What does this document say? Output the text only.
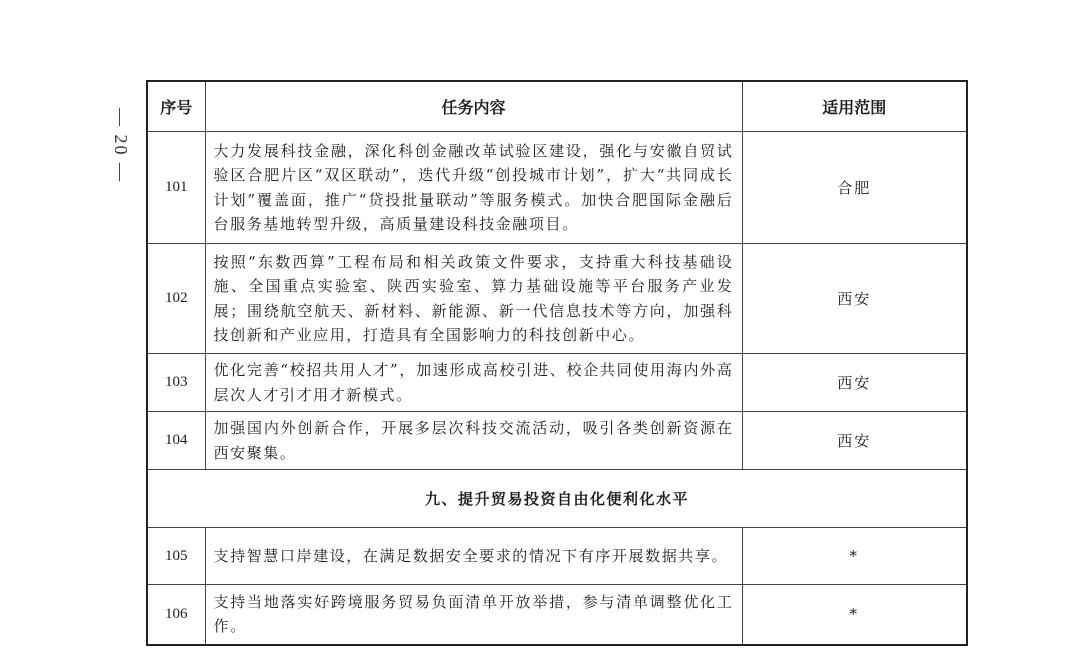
— 20 — 序号	任务内容	适用范围
101	大力发展科技金融，深化科创金融改革试验区建设，强化与安徽自贸试验区合肥片区“双区联动”，迭代升级“创投城市计划”，扩大“共同成长计划”覆盖面，推广“贷投批量联动”等服务模式。加快合肥国际金融后台服务基地转型升级，高质量建设科技金融项目。	合肥
102	按照“东数西算”工程布局和相关政策文件要求，支持重大科技基础设施、全国重点实验室、陕西实验室、算力基础设施等平台服务产业发展；围绕航空航天、新材料、新能源、新一代信息技术等方向，加强科技创新和产业应用，打造具有全国影响力的科技创新中心。	西安
103	优化完善“校招共用人才”，加速形成高校引进、校企共同使用海内外高层次人才引才用才新模式。	西安
104	加强国内外创新合作，开展多层次科技交流活动，吸引各类创新资源在西安聚集。	西安
九、提升贸易投资自由化便利化水平		
105	支持智慧口岸建设，在满足数据安全要求的情况下有序开展数据共享。	*
106	支持当地落实好跨境服务贸易负面清单开放举措，参与清单调整优化工作。	*
